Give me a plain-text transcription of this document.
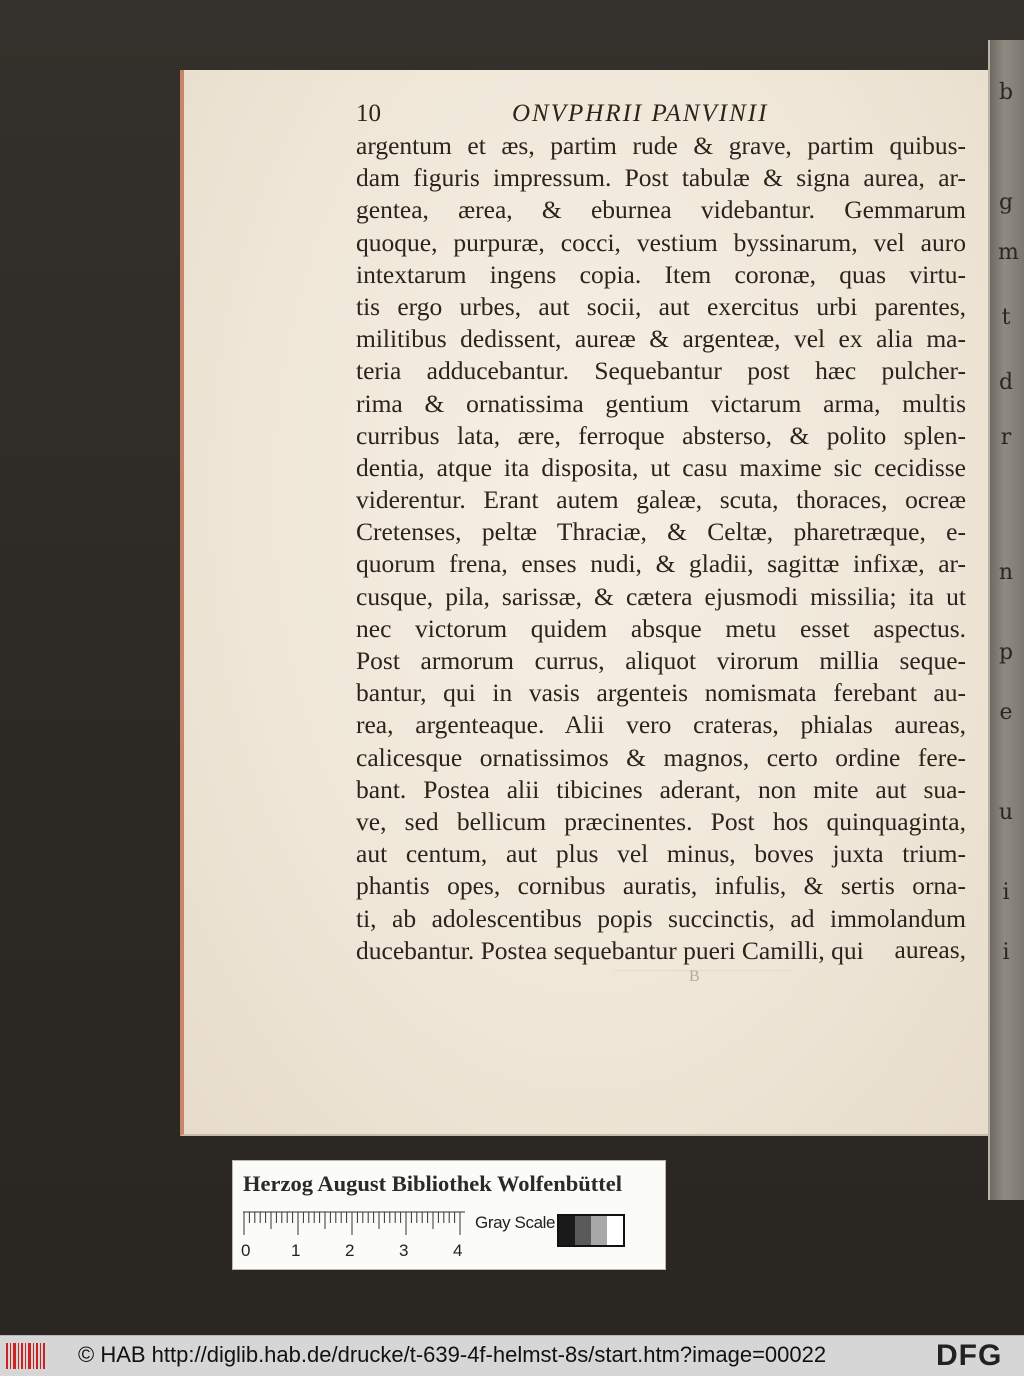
b
g
m
t
d
r
n
p
e
u
i
i
10	ONVPHRII PANVINII
argentum et æs, partim rude & grave, partim quibus-
dam figuris impressum. Post tabulæ & signa aurea, ar-
gentea, ærea, & eburnea videbantur. Gemmarum
quoque, purpuræ, cocci, vestium byssinarum, vel auro
intextarum ingens copia. Item coronæ, quas virtu-
tis ergo urbes, aut socii, aut exercitus urbi parentes,
militibus dedissent, aureæ & argenteæ, vel ex alia ma-
teria adducebantur. Sequebantur post hæc pulcher-
rima & ornatissima gentium victarum arma, multis
curribus lata, ære, ferroque abstersо, & polito splen-
dentia, atque ita disposita, ut casu maxime sic cecidisse
viderentur. Erant autem galeæ, scuta, thoraces, ocreæ
Cretenses, peltæ Thraciæ, & Celtæ, pharetræque, e-
quorum frena, enses nudi, & gladii, sagittæ infixæ, ar-
cusque, pila, sarissæ, & cætera ejusmodi missilia; ita ut
nec victorum quidem absque metu esset aspectus.
Post armorum currus, aliquot virorum millia seque-
bantur, qui in vasis argenteis nomismata ferebant au-
rea, argenteaque. Alii vero crateras, phialas aureas,
calicesque ornatissimos & magnos, certo ordine fere-
bant. Postea alii tibicines aderant, non mite aut sua-
ve, sed bellicum præcinentes. Post hos quinquaginta,
aut centum, aut plus vel minus, boves juxta trium-
phantis opes, cornibus auratis, infulis, & sertis orna-
ti, ab adolescentibus popis succinctis, ad immolandum
ducebantur. Postea sequebantur pueri Camilli, qui	aureas,
B
Herzog August Bibliothek Wolfenbüttel
0 1	2	3	4
Gray Scale
© HAB http://diglib.hab.de/drucke/t-639-4f-helmst-8s/start.htm?image=00022	DFG
